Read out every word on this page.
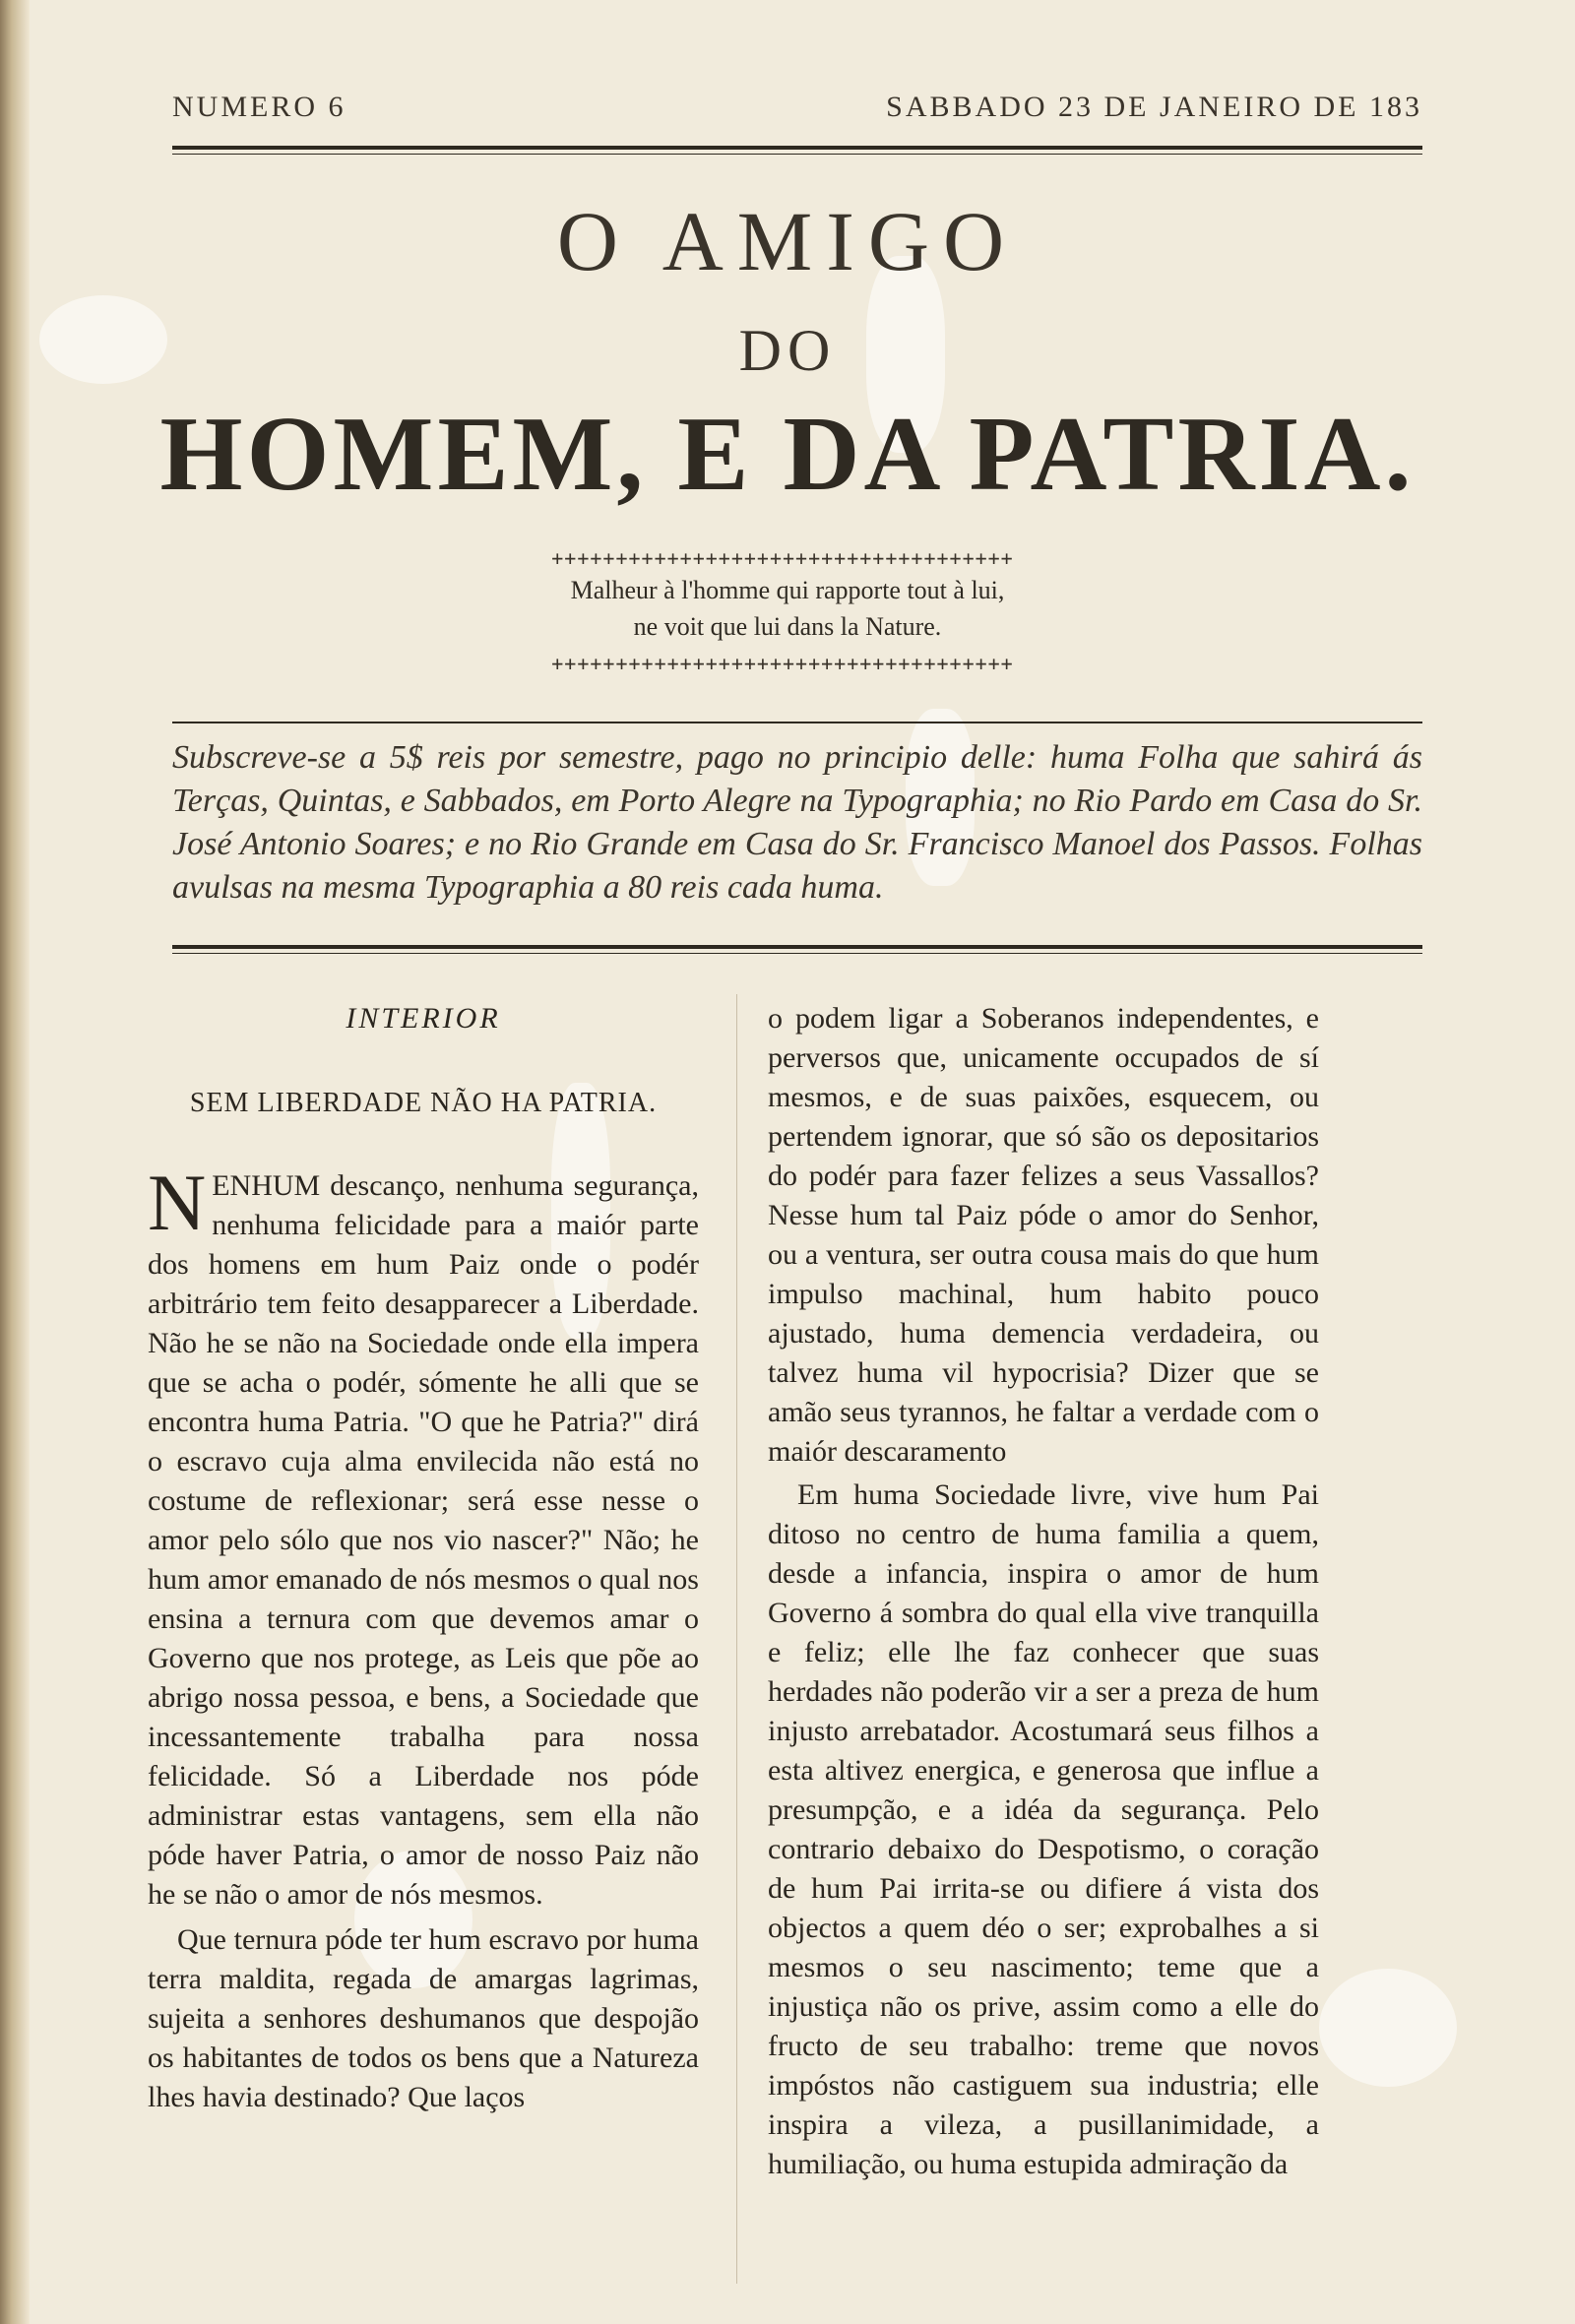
NUMERO 6	SABBADO 23 DE JANEIRO DE 183
O AMIGO
DO
HOMEM, E DA PATRIA.
++++++++++++++++++++++++++++++++++++
Malheur à l'homme qui rapporte tout à lui,
ne voit que lui dans la Nature.
++++++++++++++++++++++++++++++++++++
Subscreve-se a 5$ reis por semestre, pago no principio delle: huma Folha que sahirá ás Terças, Quintas, e Sabbados, em Porto Alegre na Typographia; no Rio Pardo em Casa do Sr. José Antonio Soares; e no Rio Grande em Casa do Sr. Francisco Manoel dos Passos. Folhas avulsas na mesma Typographia a 80 reis cada huma.
INTERIOR
SEM LIBERDADE NÃO HA PATRIA.

NENHUM descanço, nenhuma segurança, nenhuma felicidade para a maiór parte dos homens em hum Paiz onde o podér arbitrário tem feito desapparecer a Liberdade. Não he se não na Sociedade onde ella impera que se acha o podér, sómente he alli que se encontra huma Patria. "O que he Patria?" dirá o escravo cuja alma envilecida não está no costume de reflexionar; será esse nesse o amor pelo sólo que nos vio nascer?" Não; he hum amor emanado de nós mesmos o qual nos ensina a ternura com que devemos amar o Governo que nos protege, as Leis que põe ao abrigo nossa pessoa, e bens, a Sociedade que incessantemente trabalha para nossa felicidade. Só a Liberdade nos póde administrar estas vantagens, sem ella não póde haver Patria, o amor de nosso Paiz não he se não o amor de nós mesmos.

Que ternura póde ter hum escravo por huma terra maldita, regada de amargas lagrimas, sujeita a senhores deshumanos que despojão os habitantes de todos os bens que a Natureza lhes havia destinado? Que laços

o podem ligar a Soberanos independentes, e perversos que, unicamente occupados de sí mesmos, e de suas paixões, esquecem, ou pertendem ignorar, que só são os depositarios do podér para fazer felizes a seus Vassallos? Nesse hum tal Paiz póde o amor do Senhor, ou a ventura, ser outra cousa mais do que hum impulso machinal, hum habito pouco ajustado, huma demencia verdadeira, ou talvez huma vil hypocrisia? Dizer que se amão seus tyrannos, he faltar a verdade com o maiór descaramento

Em huma Sociedade livre, vive hum Pai ditoso no centro de huma familia a quem, desde a infancia, inspira o amor de hum Governo á sombra do qual ella vive tranquilla e feliz; elle lhe faz conhecer que suas herdades não poderão vir a ser a preza de hum injusto arrebatador. Acostumará seus filhos a esta altivez energica, e generosa que influe a presumpção, e a idéa da segurança. Pelo contrario debaixo do Despotismo, o coração de hum Pai irrita-se ou difiere á vista dos objectos a quem déo o ser; exprobalhes a si mesmos o seu nascimento; teme que a injustiça não os prive, assim como a elle do fructo de seu trabalho: treme que novos impóstos não castiguem sua industria; elle inspira a vileza, a pusillanimidade, a humiliação, ou huma estupida admiração da
